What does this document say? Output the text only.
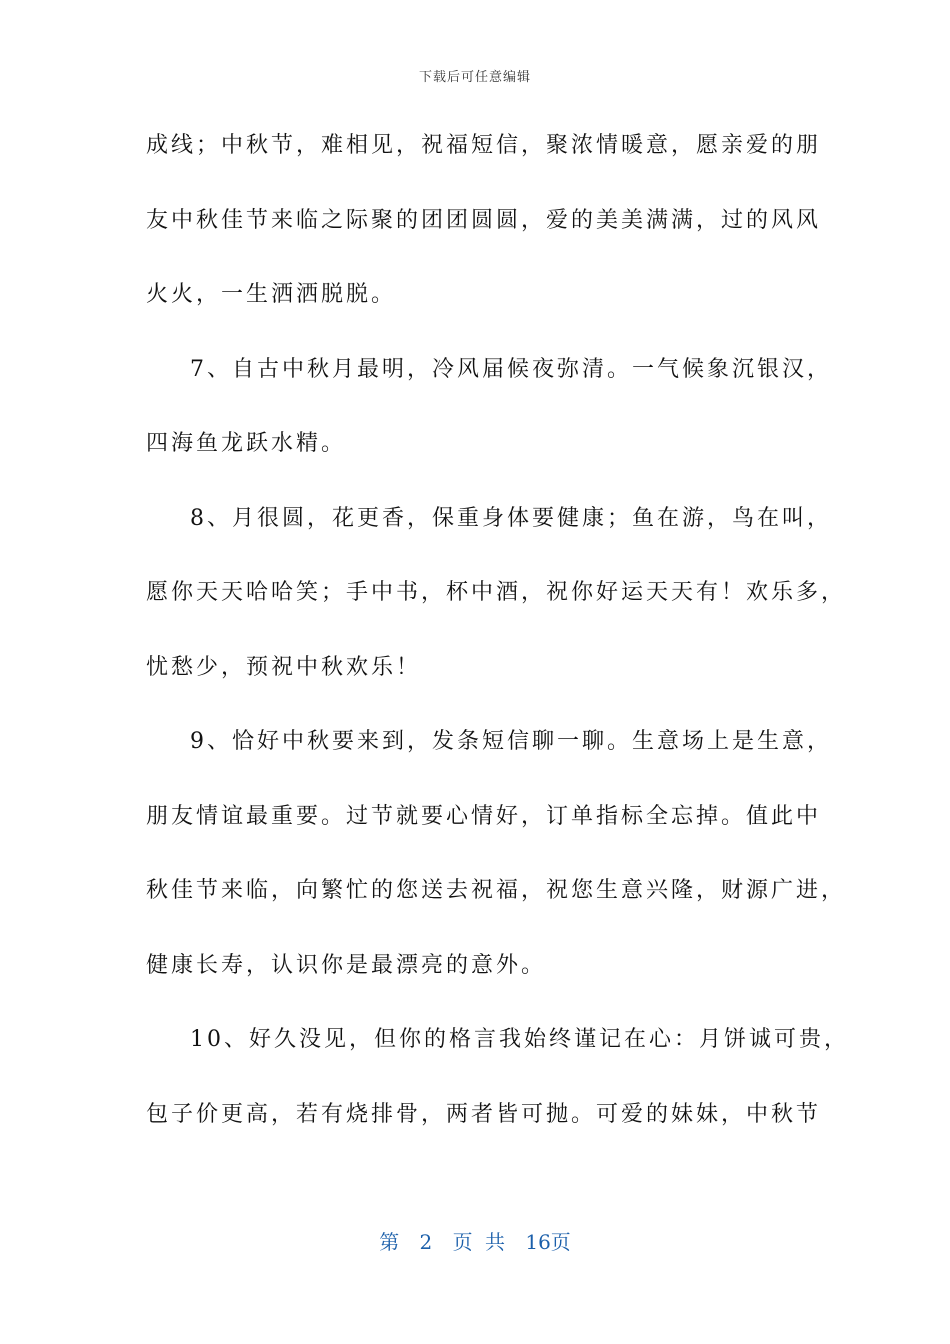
下载后可任意编辑
成线；中秋节，难相见，祝福短信，聚浓情暖意，愿亲爱的朋
友中秋佳节来临之际聚的团团圆圆，爱的美美满满，过的风风
火火，一生洒洒脱脱。
7、自古中秋月最明，冷风届候夜弥清。一气候象沉银汉，
四海鱼龙跃水精。
8、月很圆，花更香，保重身体要健康；鱼在游，鸟在叫，
愿你天天哈哈笑；手中书，杯中酒，祝你好运天天有！欢乐多，
忧愁少，预祝中秋欢乐！
9、恰好中秋要来到，发条短信聊一聊。生意场上是生意，
朋友情谊最重要。过节就要心情好，订单指标全忘掉。值此中
秋佳节来临，向繁忙的您送去祝福，祝您生意兴隆，财源广进，
健康长寿，认识你是最漂亮的意外。
10、好久没见，但你的格言我始终谨记在心：月饼诚可贵，
包子价更高，若有烧排骨，两者皆可抛。可爱的妹妹，中秋节
第 2 页 共 16页
